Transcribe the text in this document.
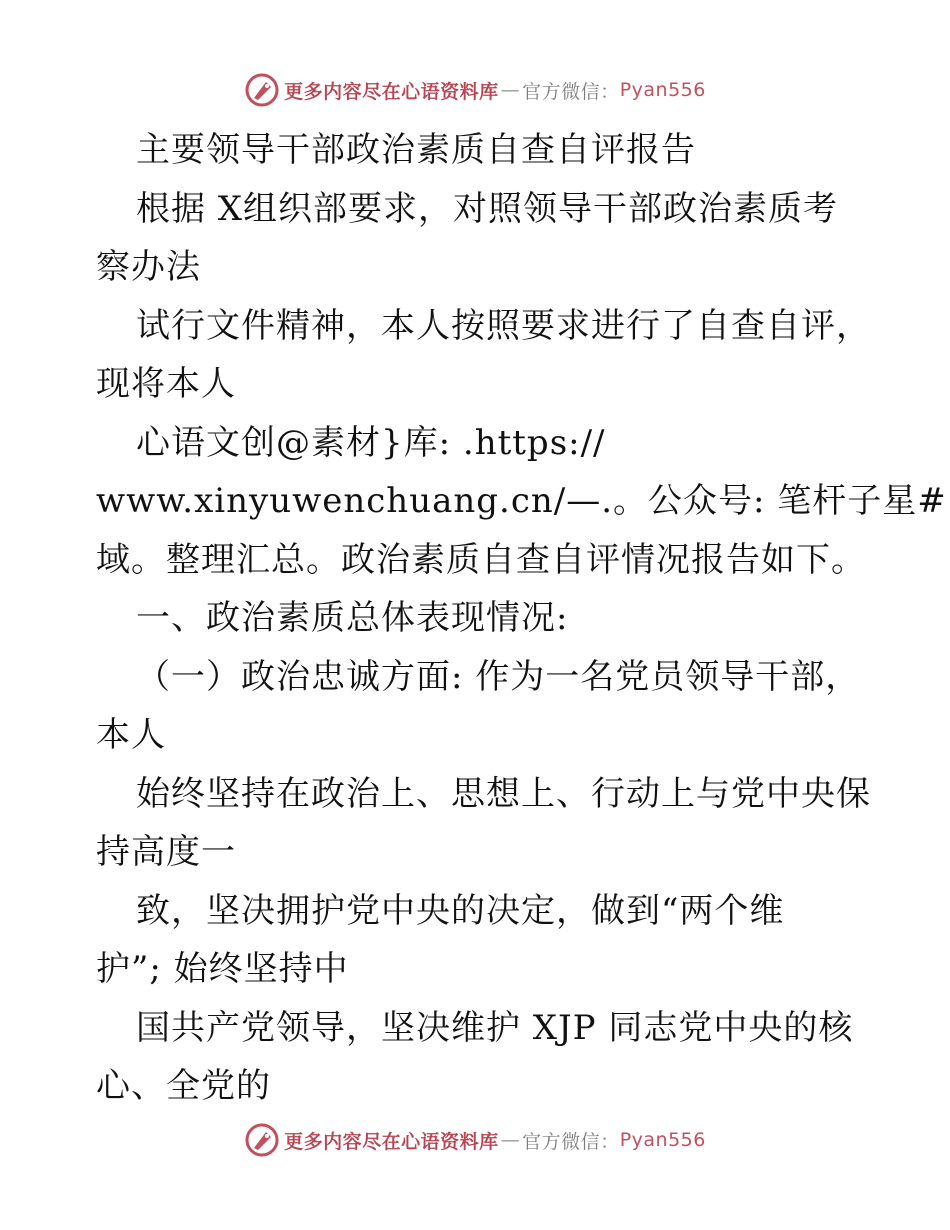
更多内容尽在心语资料库 — 官方微信： Pyan556
主要领导干部政治素质自查自评报告
根据 X组织部要求，对照领导干部政治素质考
察办法
试行文件精神，本人按照要求进行了自查自评，
现将本人
心语文创@素材}库: .https://
www.xinyuwenchuang.cn/—.。公众号: 笔杆子星#
域。整理汇总。政治素质自查自评情况报告如下。
一、政治素质总体表现情况:
（一）政治忠诚方面: 作为一名党员领导干部，
本人
始终坚持在政治上、思想上、行动上与党中央保
持高度一
致，坚决拥护党中央的决定，做到“两个维
护”; 始终坚持中
国共产党领导，坚决维护 XJP 同志党中央的核
心、全党的
更多内容尽在心语资料库 — 官方微信： Pyan556
